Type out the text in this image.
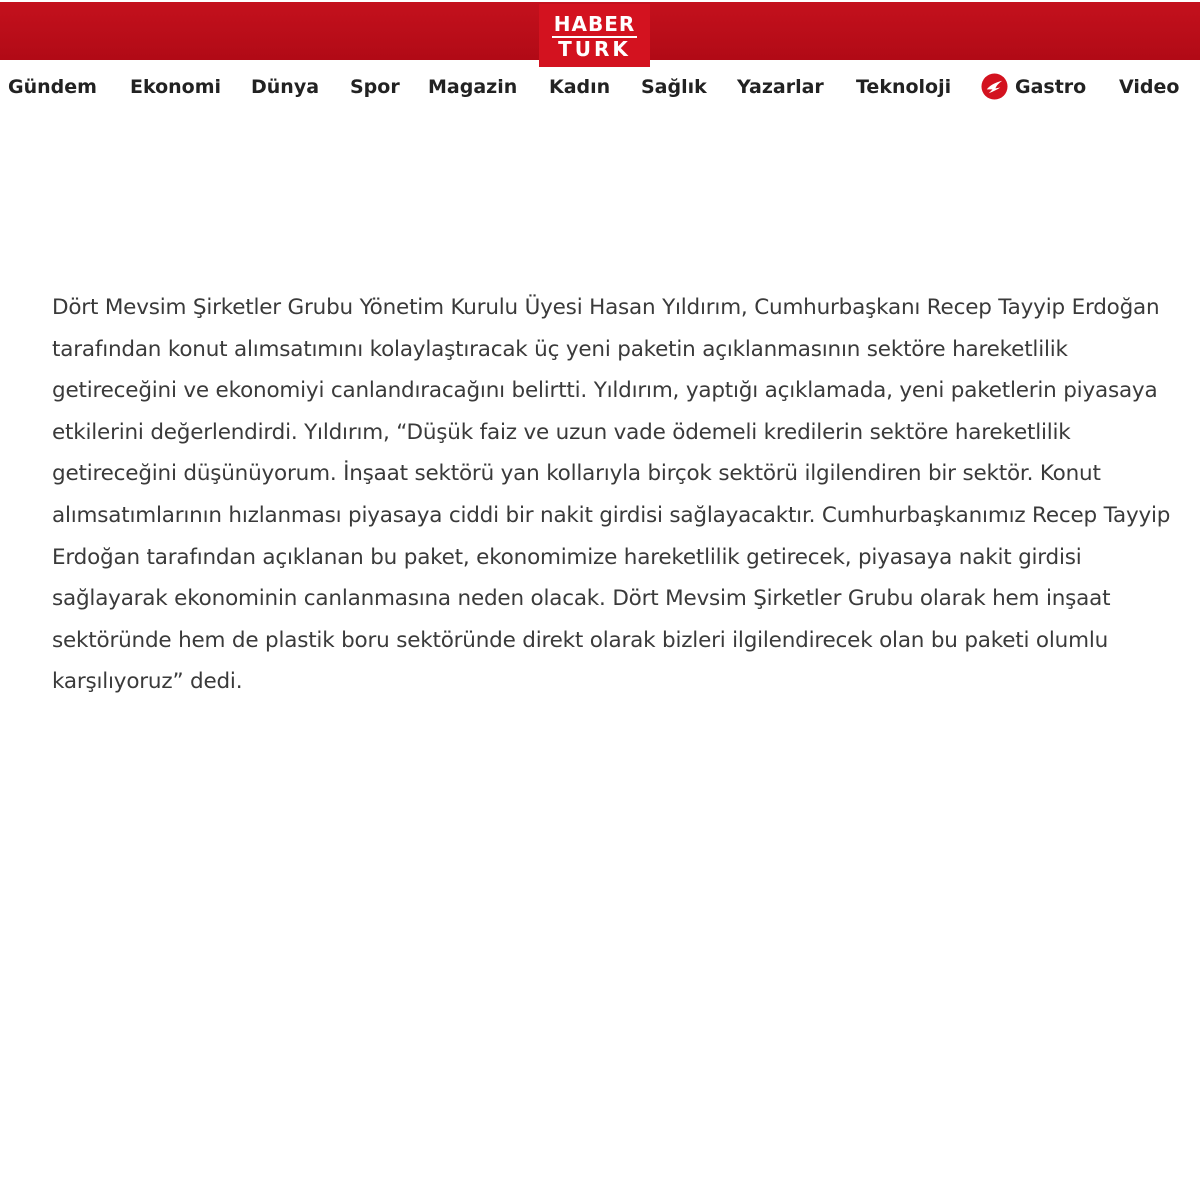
HABER
TURK
Gündem Ekonomi Dünya Spor Magazin Kadın Sağlık Yazarlar Teknoloji	Gastro Video

Dört Mevsim Şirketler Grubu Yönetim Kurulu Üyesi Hasan Yıldırım, Cumhurbaşkanı Recep Tayyip Erdoğan tarafından konut alımsatımını kolaylaştıracak üç yeni paketin açıklanmasının sektöre hareketlilik getireceğini ve ekonomiyi canlandıracağını belirtti. Yıldırım, yaptığı açıklamada, yeni paketlerin piyasaya etkilerini değerlendirdi. Yıldırım, “Düşük faiz ve uzun vade ödemeli kredilerin sektöre hareketlilik getireceğini düşünüyorum. İnşaat sektörü yan kollarıyla birçok sektörü ilgilendiren bir sektör. Konut alımsatımlarının hızlanması piyasaya ciddi bir nakit girdisi sağlayacaktır. Cumhurbaşkanımız Recep Tayyip Erdoğan tarafından açıklanan bu paket, ekonomimize hareketlilik getirecek, piyasaya nakit girdisi sağlayarak ekonominin canlanmasına neden olacak. Dört Mevsim Şirketler Grubu olarak hem inşaat sektöründe hem de plastik boru sektöründe direkt olarak bizleri ilgilendirecek olan bu paketi olumlu karşılıyoruz” dedi.
